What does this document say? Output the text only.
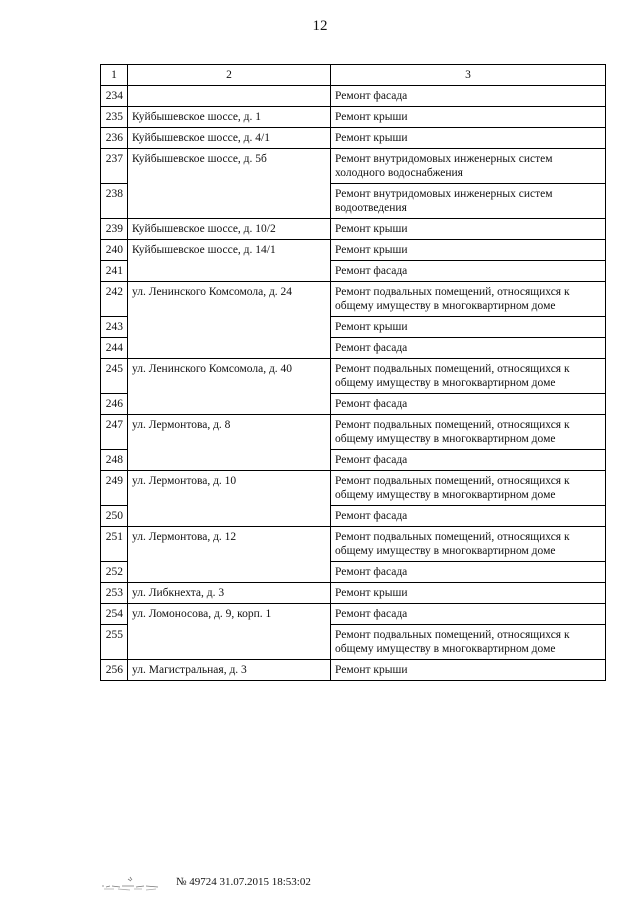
12
1	2	3
234		Ремонт фасада
235	Куйбышевское шоссе, д. 1	Ремонт крыши
236	Куйбышевское шоссе, д. 4/1	Ремонт крыши
237	Куйбышевское шоссе, д. 5б	Ремонт внутридомовых инженерных систем холодного водоснабжения
238		Ремонт внутридомовых инженерных систем водоотведения
239	Куйбышевское шоссе, д. 10/2	Ремонт крыши
240	Куйбышевское шоссе, д. 14/1	Ремонт крыши
241		Ремонт фасада
242	ул. Ленинского Комсомола, д. 24	Ремонт подвальных помещений, относящихся к общему имуществу в многоквартирном доме
243		Ремонт крыши
244		Ремонт фасада
245	ул. Ленинского Комсомола, д. 40	Ремонт подвальных помещений, относящихся к общему имуществу в многоквартирном доме
246		Ремонт фасада
247	ул. Лермонтова, д. 8	Ремонт подвальных помещений, относящихся к общему имуществу в многоквартирном доме
248		Ремонт фасада
249	ул. Лермонтова, д. 10	Ремонт подвальных помещений, относящихся к общему имуществу в многоквартирном доме
250		Ремонт фасада
251	ул. Лермонтова, д. 12	Ремонт подвальных помещений, относящихся к общему имуществу в многоквартирном доме
252		Ремонт фасада
253	ул. Либкнехта, д. 3	Ремонт крыши
254	ул. Ломоносова, д. 9, корп. 1	Ремонт фасада
255		Ремонт подвальных помещений, относящихся к общему имуществу в многоквартирном доме
256	ул. Магистральная, д. 3	Ремонт крыши
№ 49724 31.07.2015 18:53:02
